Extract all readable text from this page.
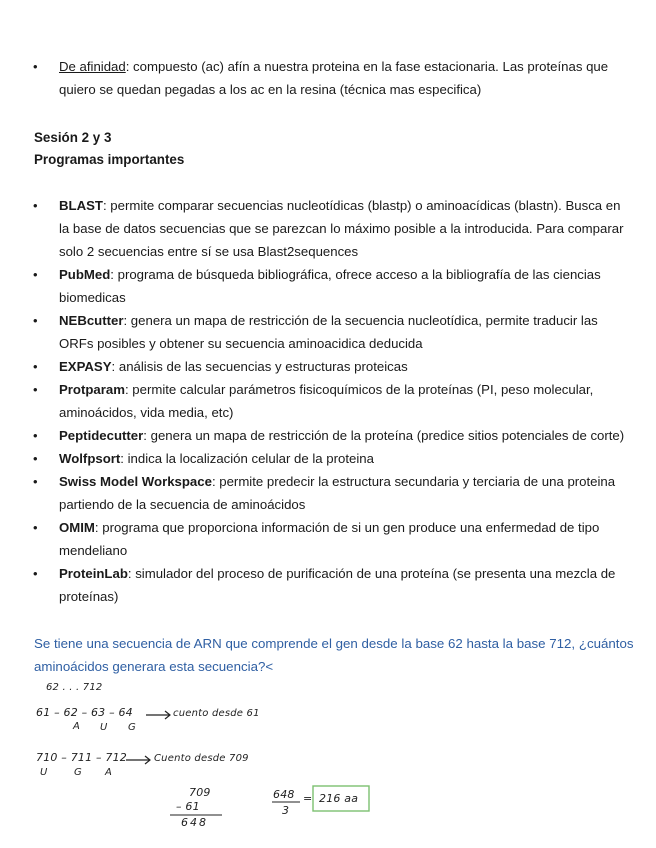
• De afinidad: compuesto (ac) afín a nuestra proteina en la fase estacionaria. Las proteínas que quiero se quedan pegadas a los ac en la resina (técnica mas especifica)
Sesión 2 y 3
Programas importantes
• BLAST: permite comparar secuencias nucleotídicas (blastp) o aminoacídicas (blastn). Busca en la base de datos secuencias que se parezcan lo máximo posible a la introducida. Para comparar solo 2 secuencias entre sí se usa Blast2sequences
• PubMed: programa de búsqueda bibliográfica, ofrece acceso a la bibliografía de las ciencias biomedicas
• NEBcutter: genera un mapa de restricción de la secuencia nucleotídica, permite traducir las ORFs posibles y obtener su secuencia aminoacidica deducida
• EXPASY: análisis de las secuencias y estructuras proteicas
• Protparam: permite calcular parámetros fisicoquímicos de la proteínas (PI, peso molecular, aminoácidos, vida media, etc)
• Peptidecutter: genera un mapa de restricción de la proteína (predice sitios potenciales de corte)
• Wolfpsort: indica la localización celular de la proteina
• Swiss Model Workspace: permite predecir la estructura secundaria y terciaria de una proteina partiendo de la secuencia de aminoácidos
• OMIM: programa que proporciona información de si un gen produce una enfermedad de tipo mendeliano
• ProteinLab: simulador del proceso de purificación de una proteína (se presenta una mezcla de proteínas)
Se tiene una secuencia de ARN que comprende el gen desde la base 62 hasta la base 712, ¿cuántos aminoácidos generara esta secuencia?<
62 . . . 712
61 – 62 – 63 – 64	cuento desde 61
A U G
710 – 711 – 712	Cuento desde 709
U	G A
709
– 61
648
648
3
= 216 aa
